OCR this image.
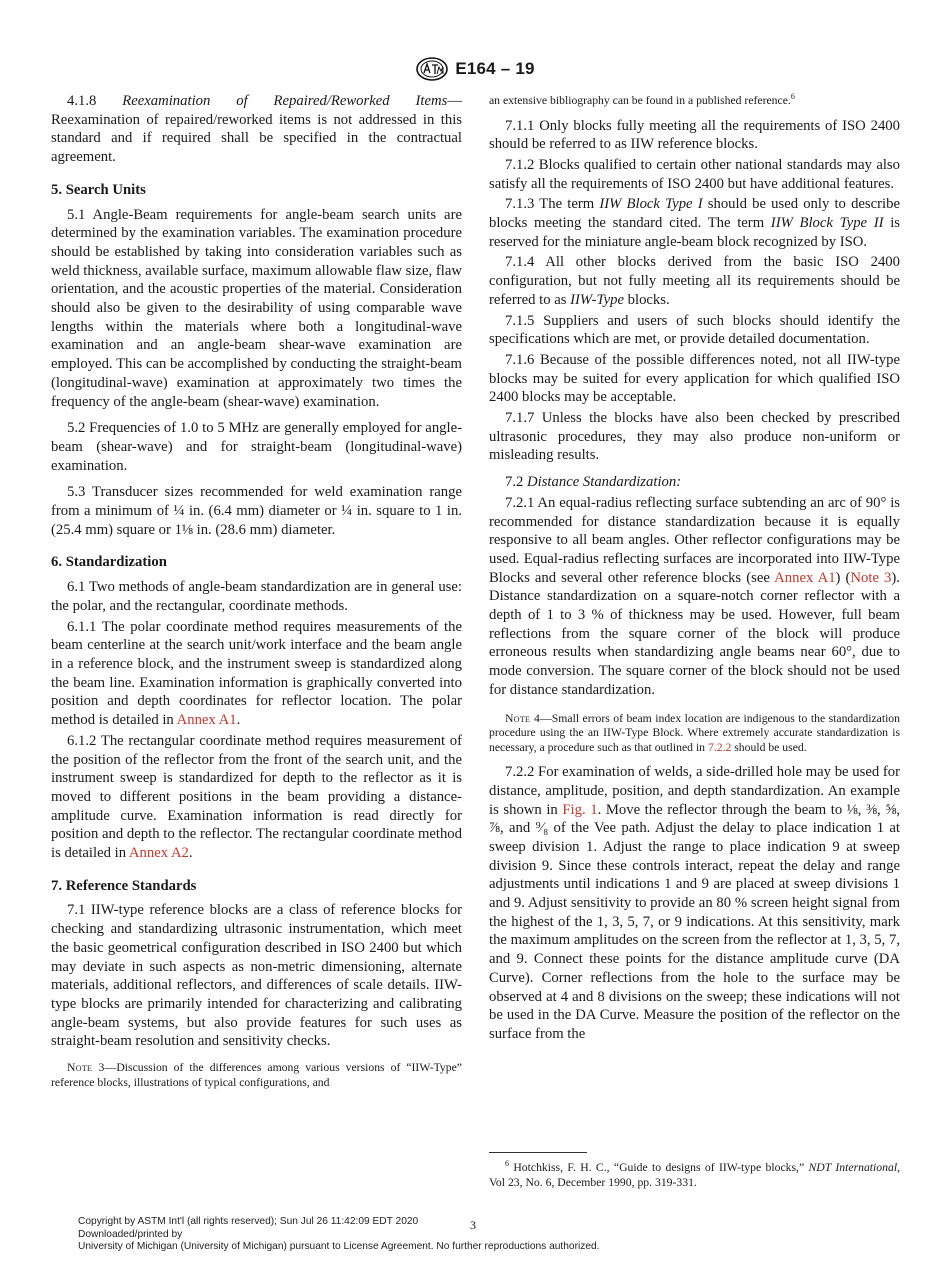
E164 – 19

4.1.8 Reexamination of Repaired/Reworked Items—Reexamination of repaired/reworked items is not addressed in this standard and if required shall be specified in the contractual agreement.

5. Search Units

5.1 Angle-Beam requirements for angle-beam search units are determined by the examination variables. The examination procedure should be established by taking into consideration variables such as weld thickness, available surface, maximum allowable flaw size, flaw orientation, and the acoustic properties of the material. Consideration should also be given to the desirability of using comparable wave lengths within the materials where both a longitudinal-wave examination and an angle-beam shear-wave examination are employed. This can be accomplished by conducting the straight-beam (longitudinal-wave) examination at approximately two times the frequency of the angle-beam (shear-wave) examination.

5.2 Frequencies of 1.0 to 5 MHz are generally employed for angle-beam (shear-wave) and for straight-beam (longitudinal-wave) examination.

5.3 Transducer sizes recommended for weld examination range from a minimum of ¼ in. (6.4 mm) diameter or ¼ in. square to 1 in. (25.4 mm) square or 1⅛ in. (28.6 mm) diameter.

6. Standardization

6.1 Two methods of angle-beam standardization are in general use: the polar, and the rectangular, coordinate methods.

6.1.1 The polar coordinate method requires measurements of the beam centerline at the search unit/work interface and the beam angle in a reference block, and the instrument sweep is standardized along the beam line. Examination information is graphically converted into position and depth coordinates for reflector location. The polar method is detailed in Annex A1.

6.1.2 The rectangular coordinate method requires measurement of the position of the reflector from the front of the search unit, and the instrument sweep is standardized for depth to the reflector as it is moved to different positions in the beam providing a distance-amplitude curve. Examination information is read directly for position and depth to the reflector. The rectangular coordinate method is detailed in Annex A2.

7. Reference Standards

7.1 IIW-type reference blocks are a class of reference blocks for checking and standardizing ultrasonic instrumentation, which meet the basic geometrical configuration described in ISO 2400 but which may deviate in such aspects as non-metric dimensioning, alternate materials, additional reflectors, and differences of scale details. IIW-type blocks are primarily intended for characterizing and calibrating angle-beam systems, but also provide features for such uses as straight-beam resolution and sensitivity checks.

Note 3—Discussion of the differences among various versions of “IIW-Type” reference blocks, illustrations of typical configurations, and

an extensive bibliography can be found in a published reference.$^6$

7.1.1 Only blocks fully meeting all the requirements of ISO 2400 should be referred to as IIW reference blocks.

7.1.2 Blocks qualified to certain other national standards may also satisfy all the requirements of ISO 2400 but have additional features.

7.1.3 The term IIW Block Type I should be used only to describe blocks meeting the standard cited. The term IIW Block Type II is reserved for the miniature angle-beam block recognized by ISO.

7.1.4 All other blocks derived from the basic ISO 2400 configuration, but not fully meeting all its requirements should be referred to as IIW-Type blocks.

7.1.5 Suppliers and users of such blocks should identify the specifications which are met, or provide detailed documentation.

7.1.6 Because of the possible differences noted, not all IIW-type blocks may be suited for every application for which qualified ISO 2400 blocks may be acceptable.

7.1.7 Unless the blocks have also been checked by prescribed ultrasonic procedures, they may also produce non-uniform or misleading results.

7.2 Distance Standardization:

7.2.1 An equal-radius reflecting surface subtending an arc of 90° is recommended for distance standardization because it is equally responsive to all beam angles. Other reflector configurations may be used. Equal-radius reflecting surfaces are incorporated into IIW-Type Blocks and several other reference blocks (see Annex A1) (Note 3). Distance standardization on a square-notch corner reflector with a depth of 1 to 3 % of thickness may be used. However, full beam reflections from the square corner of the block will produce erroneous results when standardizing angle beams near 60°, due to mode conversion. The square corner of the block should not be used for distance standardization.

Note 4—Small errors of beam index location are indigenous to the standardization procedure using the an IIW-Type Block. Where extremely accurate standardization is necessary, a procedure such as that outlined in 7.2.2 should be used.

7.2.2 For examination of welds, a side-drilled hole may be used for distance, amplitude, position, and depth standardization. An example is shown in Fig. 1. Move the reflector through the beam to ⅛, ⅜, ⅝, ⅞, and ⁹⁄₈ of the Vee path. Adjust the delay to place indication 1 at sweep division 1. Adjust the range to place indication 9 at sweep division 9. Since these controls interact, repeat the delay and range adjustments until indications 1 and 9 are placed at sweep divisions 1 and 9. Adjust sensitivity to provide an 80 % screen height signal from the highest of the 1, 3, 5, 7, or 9 indications. At this sensitivity, mark the maximum amplitudes on the screen from the reflector at 1, 3, 5, 7, and 9. Connect these points for the distance amplitude curve (DA Curve). Corner reflections from the hole to the surface may be observed at 4 and 8 divisions on the sweep; these indications will not be used in the DA Curve. Measure the position of the reflector on the surface from the

$^6$ Hotchkiss, F. H. C., “Guide to designs of IIW-type blocks,” NDT International, Vol 23, No. 6, December 1990, pp. 319-331.

Copyright by ASTM Int'l (all rights reserved); Sun Jul 26 11:42:09 EDT 2020
Downloaded/printed by
University of Michigan (University of Michigan) pursuant to License Agreement. No further reproductions authorized.
3
